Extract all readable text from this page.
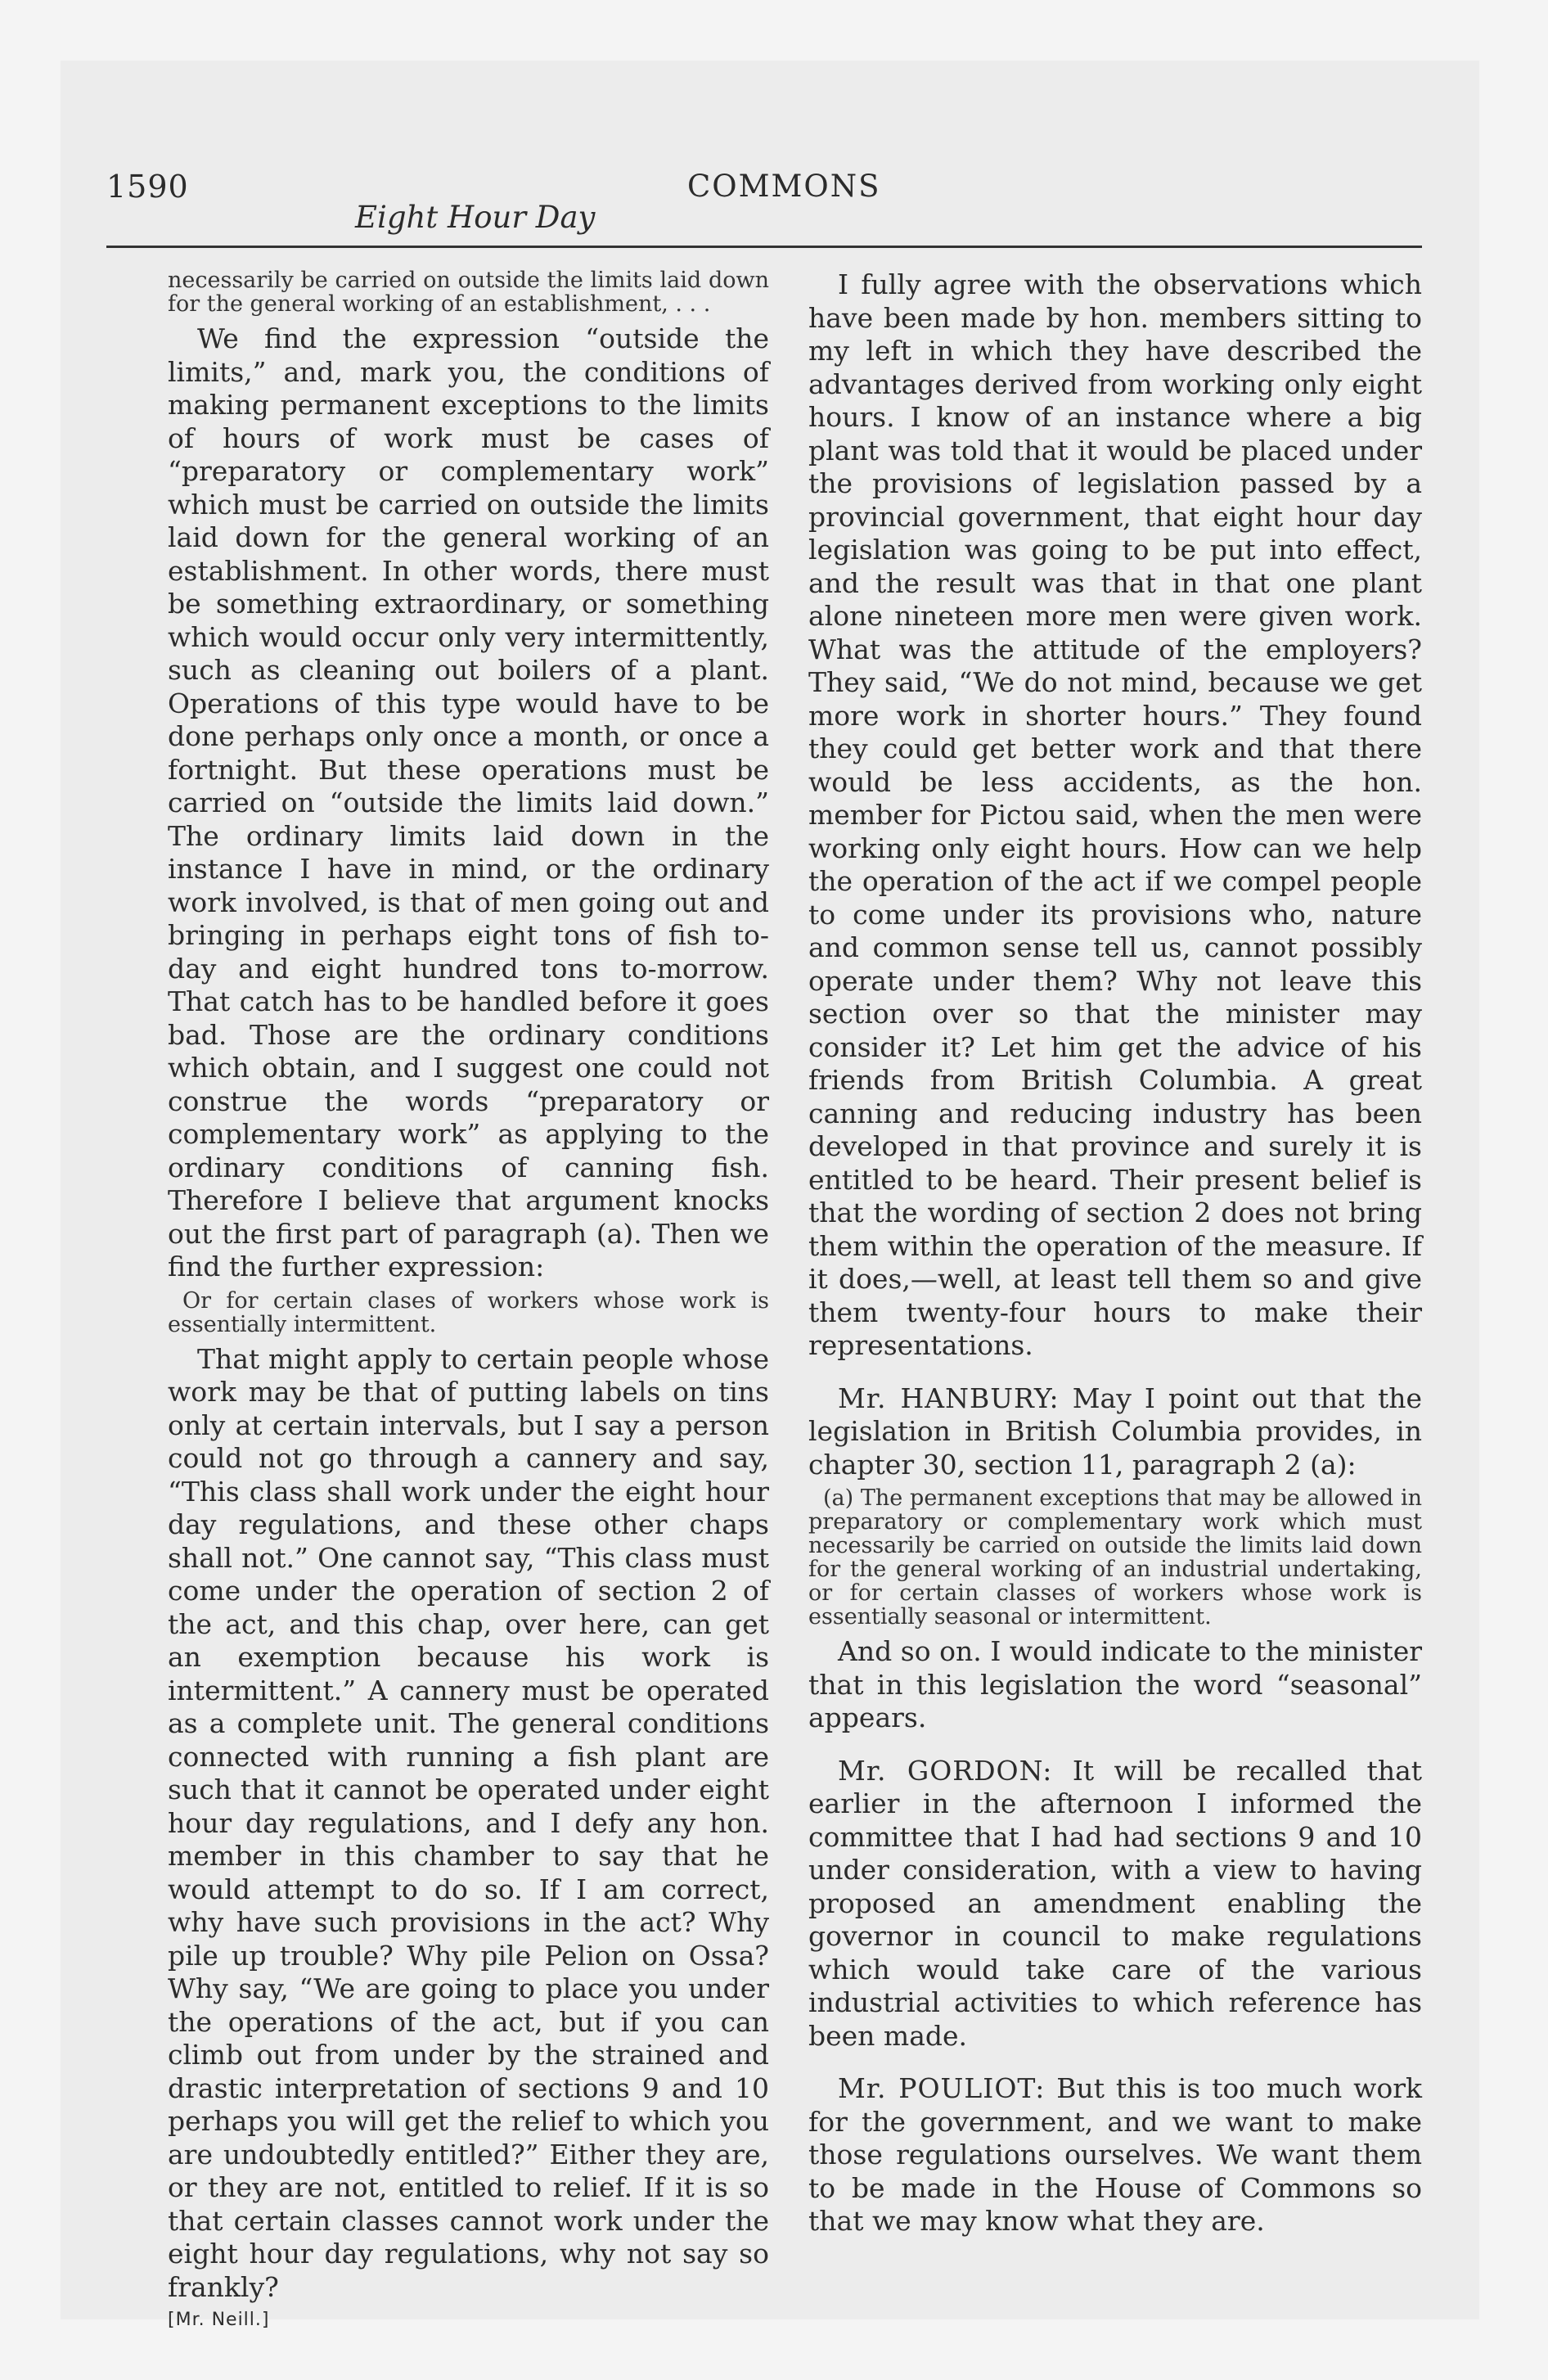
1590
Eight Hour Day
COMMONS

necessarily be carried on outside the limits laid down for the general working of an establishment, . . .

We find the expression “outside the limits,” and, mark you, the conditions of making permanent exceptions to the limits of hours of work must be cases of “preparatory or complementary work” which must be carried on outside the limits laid down for the general working of an establishment. In other words, there must be something extraordinary, or something which would occur only very intermittently, such as cleaning out boilers of a plant. Operations of this type would have to be done perhaps only once a month, or once a fortnight. But these operations must be carried on “outside the limits laid down.” The ordinary limits laid down in the instance I have in mind, or the ordinary work involved, is that of men going out and bringing in perhaps eight tons of fish to-day and eight hundred tons to-morrow. That catch has to be handled before it goes bad. Those are the ordinary conditions which obtain, and I suggest one could not construe the words “preparatory or complementary work” as applying to the ordinary conditions of canning fish. Therefore I believe that argument knocks out the first part of paragraph (a). Then we find the further expression:

Or for certain clases of workers whose work is essentially intermittent.

That might apply to certain people whose work may be that of putting labels on tins only at certain intervals, but I say a person could not go through a cannery and say, “This class shall work under the eight hour day regulations, and these other chaps shall not.” One cannot say, “This class must come under the operation of section 2 of the act, and this chap, over here, can get an exemption because his work is intermittent.” A cannery must be operated as a complete unit. The general conditions connected with running a fish plant are such that it cannot be operated under eight hour day regulations, and I defy any hon. member in this chamber to say that he would attempt to do so. If I am correct, why have such provisions in the act? Why pile up trouble? Why pile Pelion on Ossa? Why say, “We are going to place you under the operations of the act, but if you can climb out from under by the strained and drastic interpretation of sections 9 and 10 perhaps you will get the relief to which you are undoubtedly entitled?” Either they are, or they are not, entitled to relief. If it is so that certain classes cannot work under the eight hour day regulations, why not say so frankly?

[Mr. Neill.]

I fully agree with the observations which have been made by hon. members sitting to my left in which they have described the advantages derived from working only eight hours. I know of an instance where a big plant was told that it would be placed under the provisions of legislation passed by a provincial government, that eight hour day legislation was going to be put into effect, and the result was that in that one plant alone nineteen more men were given work. What was the attitude of the employers? They said, “We do not mind, because we get more work in shorter hours.” They found they could get better work and that there would be less accidents, as the hon. member for Pictou said, when the men were working only eight hours. How can we help the operation of the act if we compel people to come under its provisions who, nature and common sense tell us, cannot possibly operate under them? Why not leave this section over so that the minister may consider it? Let him get the advice of his friends from British Columbia. A great canning and reducing industry has been developed in that province and surely it is entitled to be heard. Their present belief is that the wording of section 2 does not bring them within the operation of the measure. If it does,—well, at least tell them so and give them twenty-four hours to make their representations.

Mr. HANBURY: May I point out that the legislation in British Columbia provides, in chapter 30, section 11, paragraph 2 (a):

(a) The permanent exceptions that may be allowed in preparatory or complementary work which must necessarily be carried on outside the limits laid down for the general working of an industrial undertaking, or for certain classes of workers whose work is essentially seasonal or intermittent.

And so on. I would indicate to the minister that in this legislation the word “seasonal” appears.

Mr. GORDON: It will be recalled that earlier in the afternoon I informed the committee that I had had sections 9 and 10 under consideration, with a view to having proposed an amendment enabling the governor in council to make regulations which would take care of the various industrial activities to which reference has been made.

Mr. POULIOT: But this is too much work for the government, and we want to make those regulations ourselves. We want them to be made in the House of Commons so that we may know what they are.
